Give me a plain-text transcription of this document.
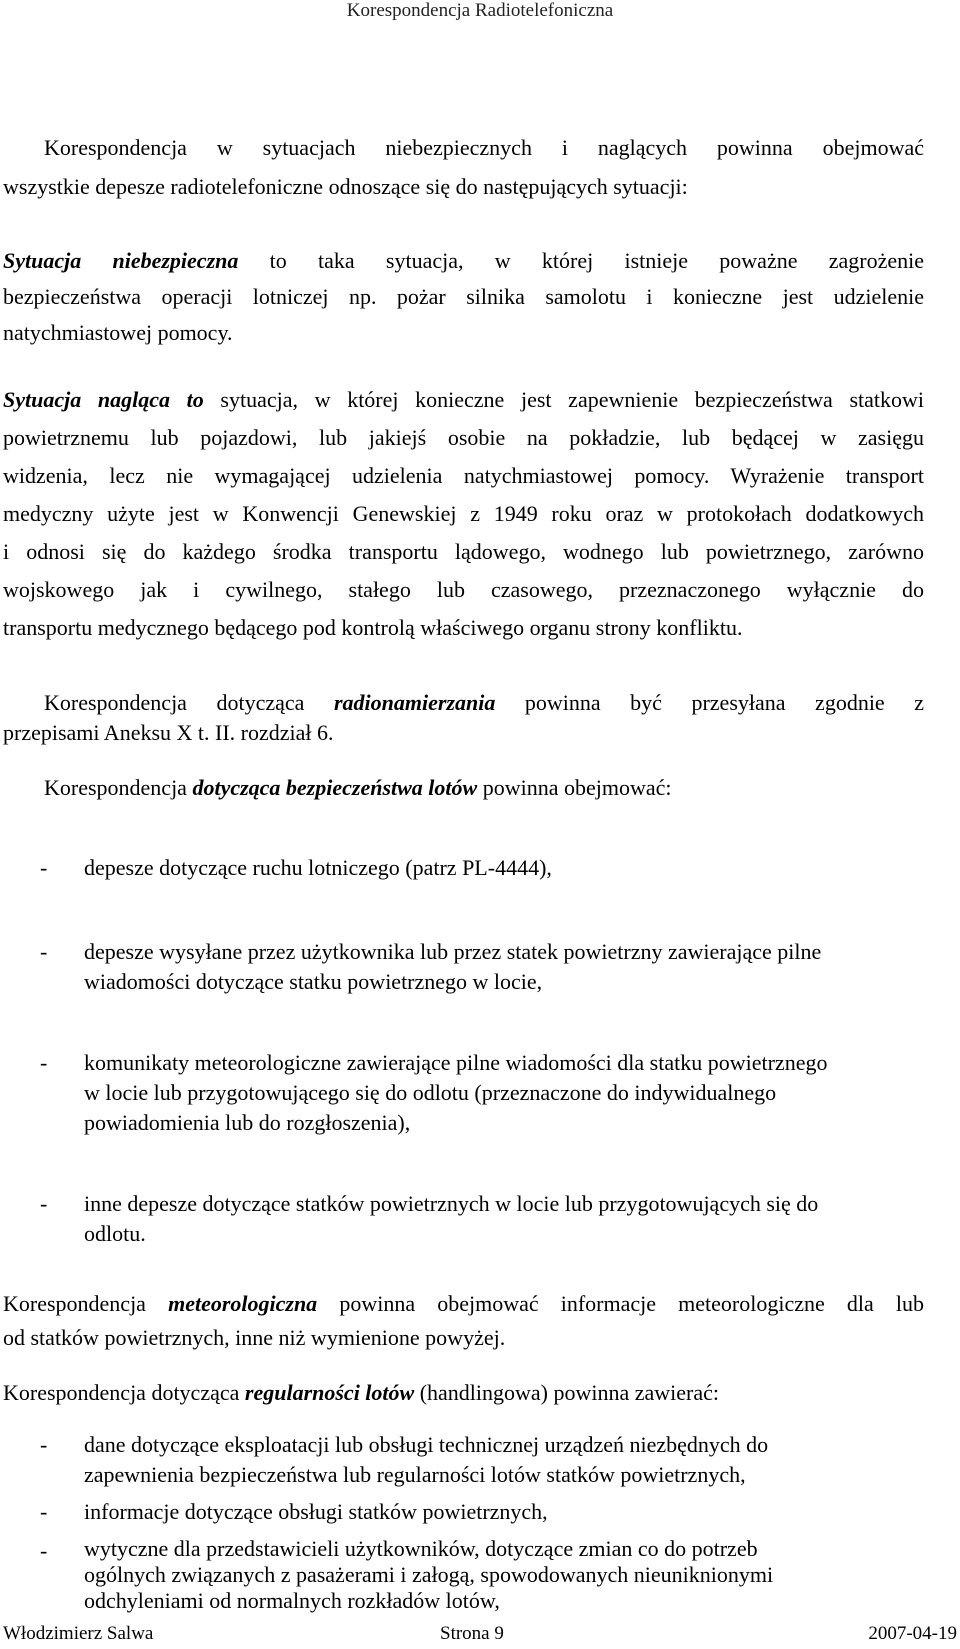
Korespondencja Radiotelefoniczna
Korespondencja w sytuacjach niebezpiecznych i naglących powinna obejmować
wszystkie depesze radiotelefoniczne odnoszące się do następujących sytuacji:
Sytuacja niebezpieczna to taka sytuacja, w której istnieje poważne zagrożenie
bezpieczeństwa operacji lotniczej np. pożar silnika samolotu i konieczne jest udzielenie
natychmiastowej pomocy.
Sytuacja nagląca to sytuacja, w której konieczne jest zapewnienie bezpieczeństwa statkowi
powietrznemu lub pojazdowi, lub jakiejś osobie na pokładzie, lub będącej w zasięgu
widzenia, lecz nie wymagającej udzielenia natychmiastowej pomocy. Wyrażenie transport
medyczny użyte jest w Konwencji Genewskiej z 1949 roku oraz w protokołach dodatkowych
i odnosi się do każdego środka transportu lądowego, wodnego lub powietrznego, zarówno
wojskowego jak i cywilnego, stałego lub czasowego, przeznaczonego wyłącznie do
transportu medycznego będącego pod kontrolą właściwego organu strony konfliktu.
Korespondencja dotycząca radionamierzania powinna być przesyłana zgodnie z
przepisami Aneksu X t. II. rozdział 6.
Korespondencja dotycząca bezpieczeństwa lotów powinna obejmować:
- depesze dotyczące ruchu lotniczego (patrz PL-4444),
- depesze wysyłane przez użytkownika lub przez statek powietrzny zawierające pilne
wiadomości dotyczące statku powietrznego w locie,
- komunikaty meteorologiczne zawierające pilne wiadomości dla statku powietrznego
w locie lub przygotowującego się do odlotu (przeznaczone do indywidualnego
powiadomienia lub do rozgłoszenia),
- inne depesze dotyczące statków powietrznych w locie lub przygotowujących się do
odlotu.
Korespondencja meteorologiczna powinna obejmować informacje meteorologiczne dla lub
od statków powietrznych, inne niż wymienione powyżej.
Korespondencja dotycząca regularności lotów (handlingowa) powinna zawierać:
- dane dotyczące eksploatacji lub obsługi technicznej urządzeń niezbędnych do
zapewnienia bezpieczeństwa lub regularności lotów statków powietrznych,
- informacje dotyczące obsługi statków powietrznych,
- wytyczne dla przedstawicieli użytkowników, dotyczące zmian co do potrzeb
ogólnych związanych z pasażerami i załogą, spowodowanych nieuniknionymi
odchyleniami od normalnych rozkładów lotów,
Włodzimierz Salwa	Strona 9	2007-04-19
